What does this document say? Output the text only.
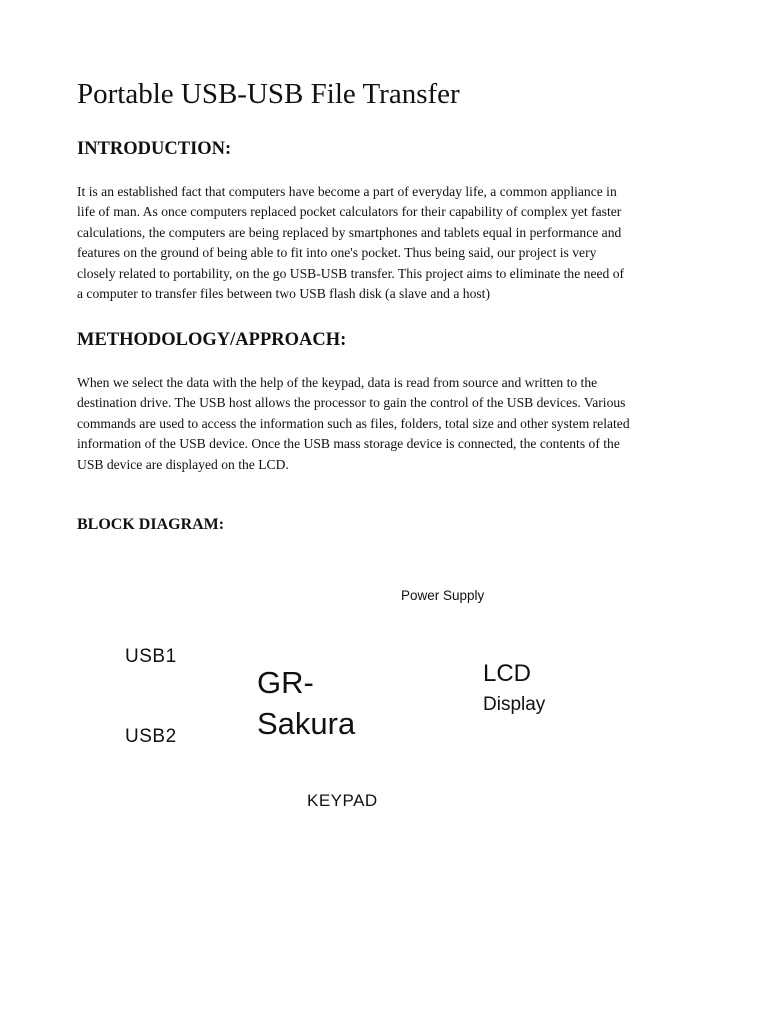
Portable USB-USB File Transfer
INTRODUCTION:

It is an established fact that computers have become a part of everyday life, a common appliance in
life of man. As once computers replaced pocket calculators for their capability of complex yet faster
calculations, the computers are being replaced by smartphones and tablets equal in performance and
features on the ground of being able to fit into one's pocket. Thus being said, our project is very
closely related to portability, on the go USB-USB transfer. This project aims to eliminate the need of
a computer to transfer files between two USB flash disk (a slave and a host)

METHODOLOGY/APPROACH:

When we select the data with the help of the keypad, data is read from source and written to the
destination drive. The USB host allows the processor to gain the control of the USB devices. Various
commands are used to access the information such as files, folders, total size and other system related
information of the USB device. Once the USB mass storage device is connected, the contents of the
USB device are displayed on the LCD.

BLOCK DIAGRAM:
Power Supply
USB1
USB2
GR-
Sakura
LCD
Display
KEYPAD
